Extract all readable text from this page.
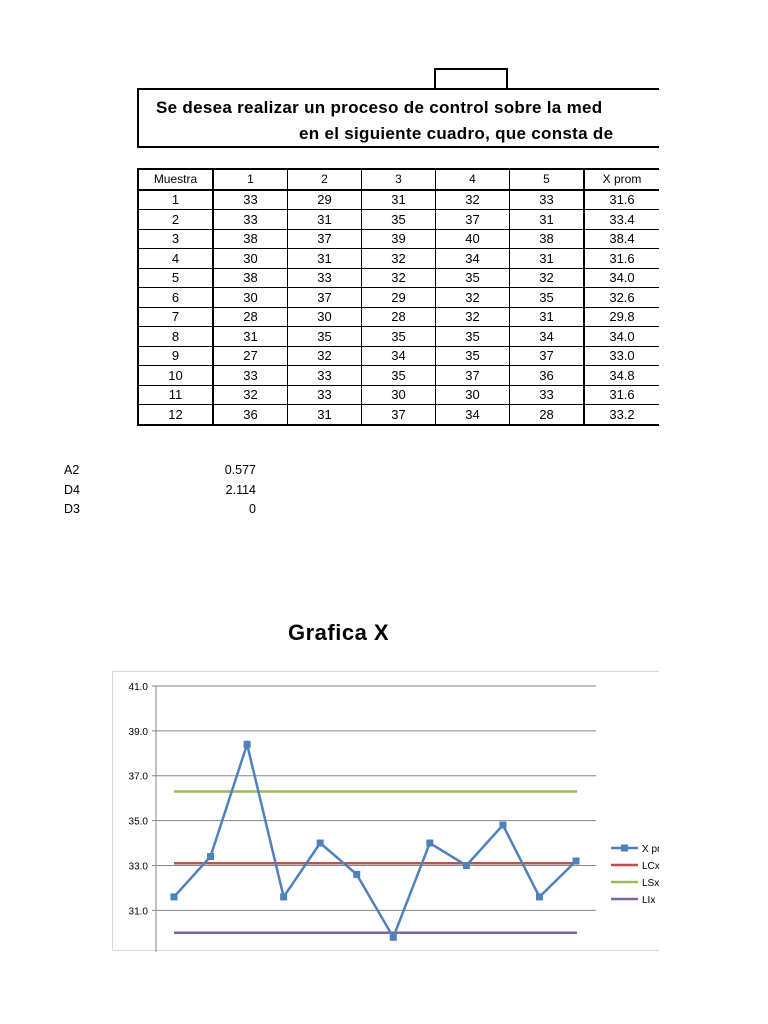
Se desea realizar un proceso de control sobre la med
en el siguiente cuadro, que consta de
Muestra	1	2	3	4	5	X prom
1	33	29	31	32	33	31.6
2	33	31	35	37	31	33.4
3	38	37	39	40	38	38.4
4	30	31	32	34	31	31.6
5	38	33	32	35	32	34.0
6	30	37	29	32	35	32.6
7	28	30	28	32	31	29.8
8	31	35	35	35	34	34.0
9	27	32	34	35	37	33.0
10	33	33	35	37	36	34.8
11	32	33	30	30	33	31.6
12	36	31	37	34	28	33.2
A2	0.577
D4	2.114
D3	0
Grafica X
41.0
39.0
37.0
35.0
33.0
31.0
X pr
LCx
LSx
LIx
